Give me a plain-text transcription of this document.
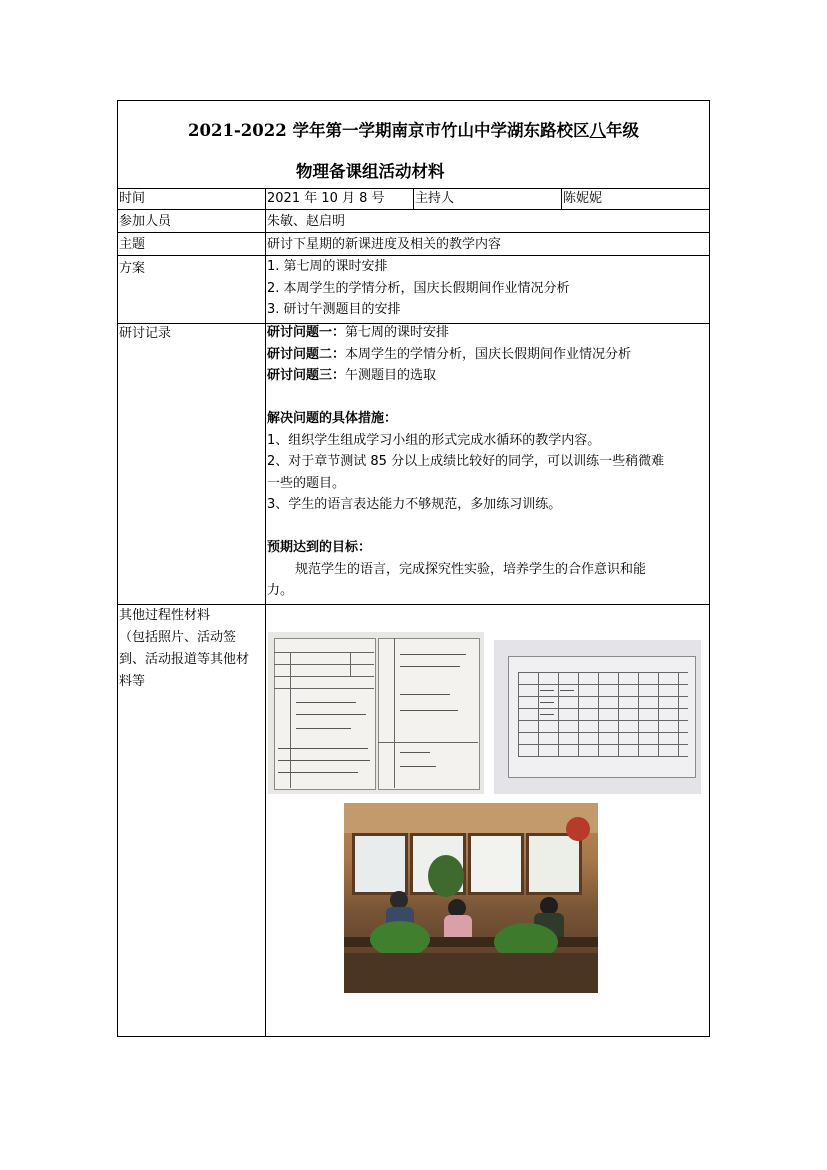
2021-2022 学年第一学期南京市竹山中学湖东路校区八年级
物理备课组活动材料
时间	2021 年 10 月 8 号 主持人	陈妮妮
参加人员	朱敏、赵启明
主题	研讨下星期的新课进度及相关的教学内容
方案	1. 第七周的课时安排
2. 本周学生的学情分析，国庆长假期间作业情况分析
3. 研讨午测题目的安排
研讨记录	研讨问题一：第七周的课时安排
研讨问题二：本周学生的学情分析，国庆长假期间作业情况分析
研讨问题三：午测题目的选取

解决问题的具体措施：
1、组织学生组成学习小组的形式完成水循环的教学内容。
2、对于章节测试 85 分以上成绩比较好的同学，可以训练一些稍微难
一些的题目。
3、学生的语言表达能力不够规范，多加练习训练。

预期达到的目标：
规范学生的语言，完成探究性实验，培养学生的合作意识和能
力。
其他过程性材料
（包括照片、活动签
到、活动报道等其他材
料等
